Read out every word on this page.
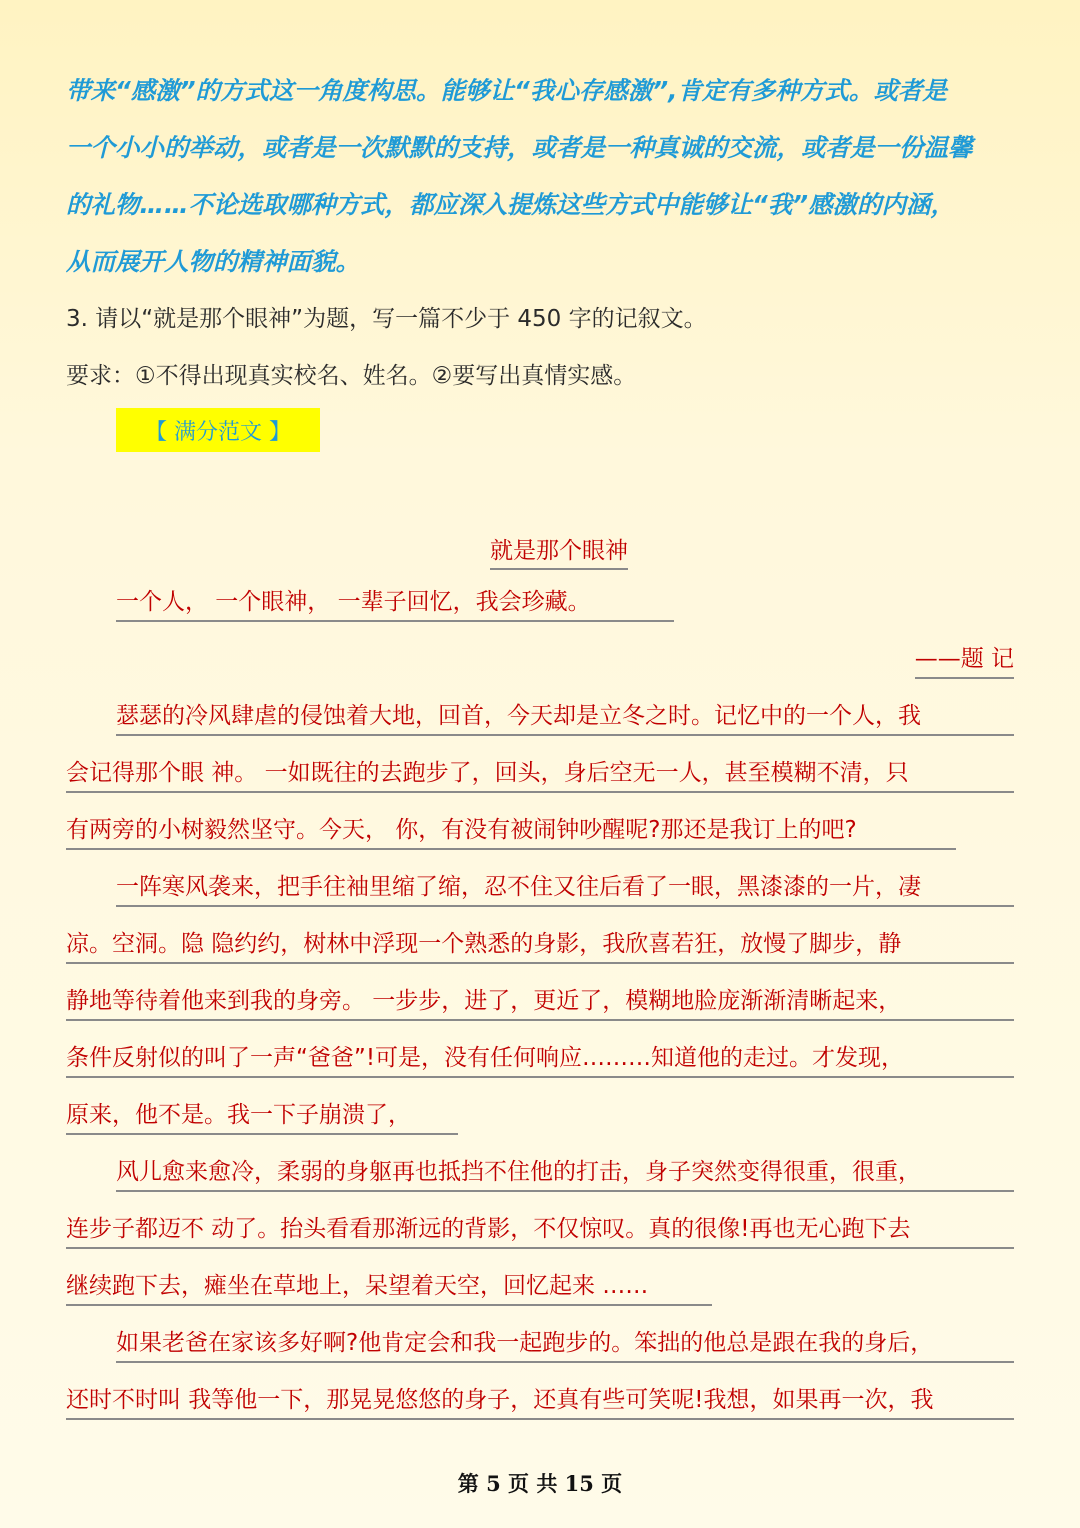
带来“感激”的方式这一角度构思。能够让“我心存感激”,肯定有多种方式。或者是
一个小小的举动，或者是一次默默的支持，或者是一种真诚的交流，或者是一份温馨
的礼物……不论选取哪种方式，都应深入提炼这些方式中能够让“我”感激的内涵，
从而展开人物的精神面貌。
3. 请以“就是那个眼神”为题，写一篇不少于 450 字的记叙文。
要求：①不得出现真实校名、姓名。②要写出真情实感。
【 满分范文 】
就是那个眼神
一个人， 一个眼神， 一辈子回忆，我会珍藏。
——题 记
瑟瑟的冷风肆虐的侵蚀着大地，回首，今天却是立冬之时。记忆中的一个人，我
会记得那个眼 神。 一如既往的去跑步了，回头，身后空无一人，甚至模糊不清，只
有两旁的小树毅然坚守。今天， 你，有没有被闹钟吵醒呢?那还是我订上的吧?
一阵寒风袭来，把手往袖里缩了缩，忍不住又往后看了一眼，黑漆漆的一片，凄
凉。空洞。隐 隐约约，树林中浮现一个熟悉的身影，我欣喜若狂，放慢了脚步，静
静地等待着他来到我的身旁。 一步步，进了，更近了，模糊地脸庞渐渐清晰起来，
条件反射似的叫了一声“爸爸”!可是，没有任何响应………知道他的走过。才发现，
原来，他不是。我一下子崩溃了，
风儿愈来愈冷，柔弱的身躯再也抵挡不住他的打击，身子突然变得很重，很重，
连步子都迈不 动了。抬头看看那渐远的背影，不仅惊叹。真的很像!再也无心跑下去
继续跑下去，瘫坐在草地上，呆望着天空，回忆起来 ……
如果老爸在家该多好啊?他肯定会和我一起跑步的。笨拙的他总是跟在我的身后，
还时不时叫 我等他一下，那晃晃悠悠的身子，还真有些可笑呢!我想，如果再一次，我
第 5 页 共 15 页
